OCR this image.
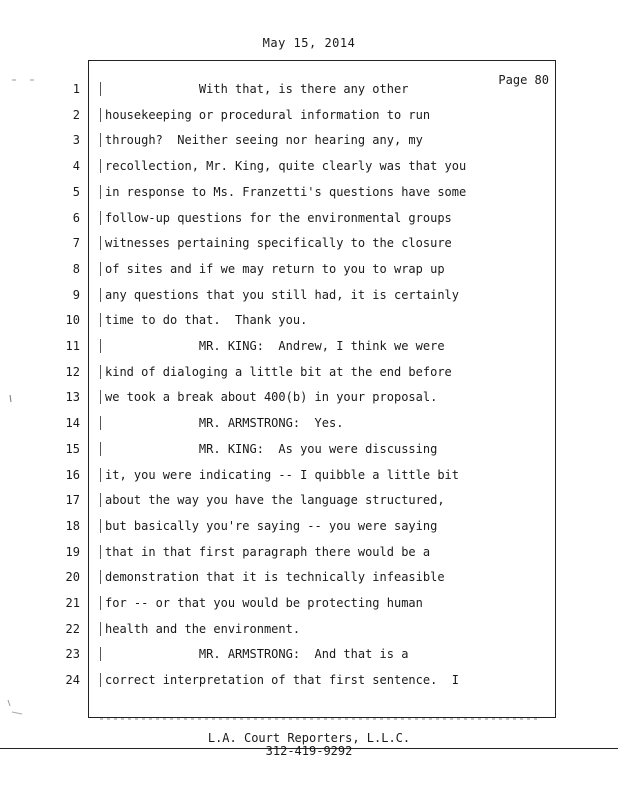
May 15, 2014
Page 80
1 With that, is there any other
2 housekeeping or procedural information to run
3 through?  Neither seeing nor hearing any, my
4 recollection, Mr. King, quite clearly was that you
5 in response to Ms. Franzetti's questions have some
6 follow-up questions for the environmental groups
7 witnesses pertaining specifically to the closure
8 of sites and if we may return to you to wrap up
9 any questions that you still had, it is certainly
10 time to do that.  Thank you.
11 MR. KING:  Andrew, I think we were
12 kind of dialoging a little bit at the end before
13 we took a break about 400(b) in your proposal.
14 MR. ARMSTRONG:  Yes.
15 MR. KING:  As you were discussing
16 it, you were indicating -- I quibble a little bit
17 about the way you have the language structured,
18 but basically you're saying -- you were saying
19 that in that first paragraph there would be a
20 demonstration that it is technically infeasible
21 for -- or that you would be protecting human
22 health and the environment.
23 MR. ARMSTRONG:  And that is a
24 correct interpretation of that first sentence.  I
L.A. Court Reporters, L.L.C.
312-419-9292
